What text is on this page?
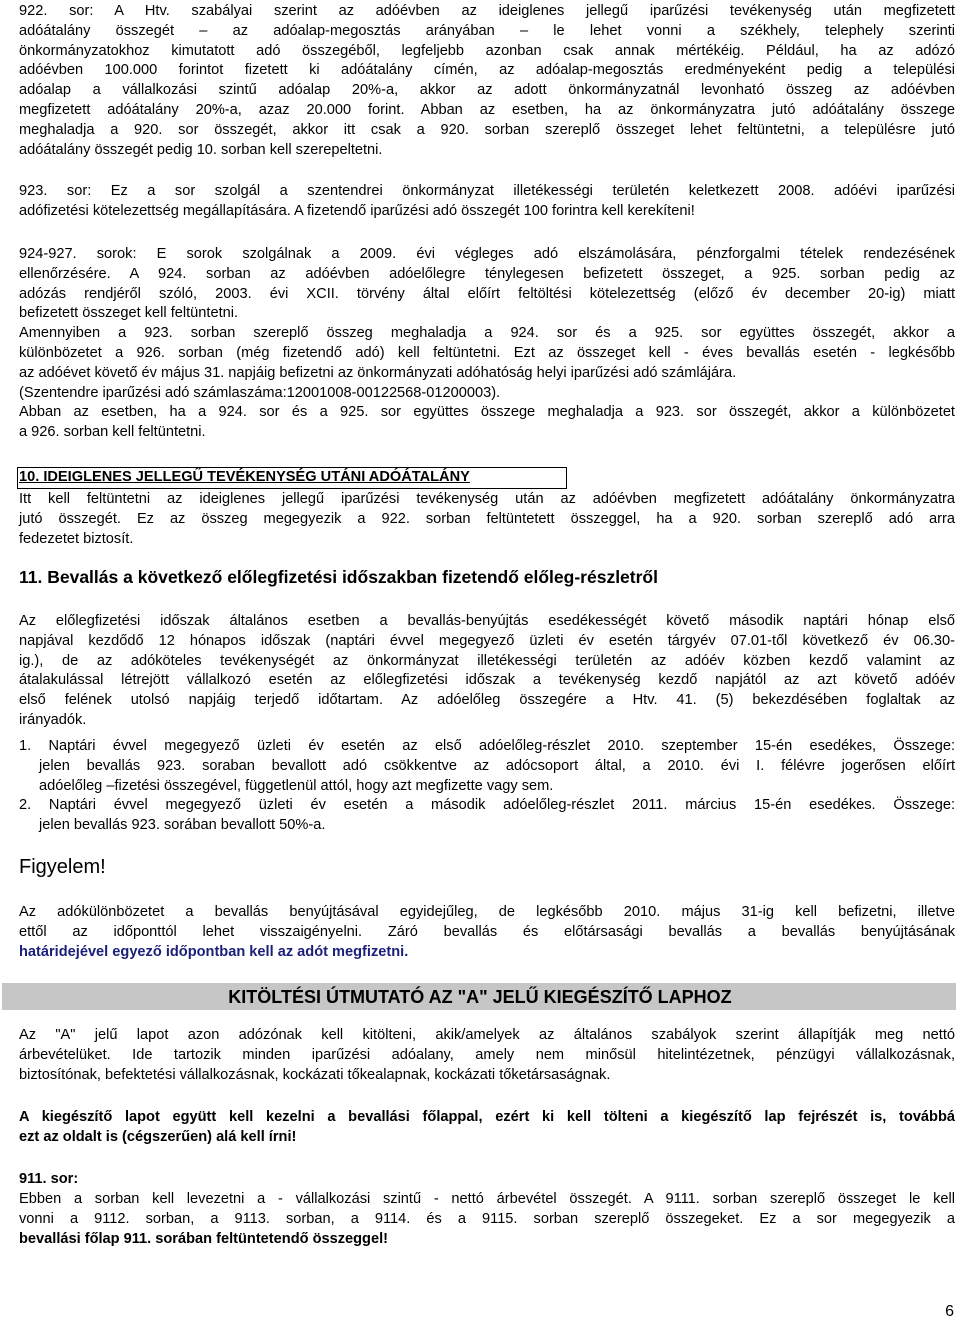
922. sor: A Htv. szabályai szerint az adóévben az ideiglenes jellegű iparűzési tevékenység után megfizetett
adóátalány összegét – az adóalap-megosztás arányában – le lehet vonni a székhely, telephely szerinti
önkormányzatokhoz kimutatott adó összegéből, legfeljebb azonban csak annak mértékéig. Például, ha az adózó
adóévben 100.000 forintot fizetett ki adóátalány címén, az adóalap-megosztás eredményeként pedig a települési
adóalap a vállalkozási szintű adóalap 20%-a, akkor az adott önkormányzatnál levonható összeg az adóévben
megfizetett adóátalány 20%-a, azaz 20.000 forint. Abban az esetben, ha az önkormányzatra jutó adóátalány összege
meghaladja a 920. sor összegét, akkor itt csak a 920. sorban szereplő összeget lehet feltüntetni, a településre jutó
adóátalány összegét pedig 10. sorban kell szerepeltetni.
923. sor: Ez a sor szolgál a szentendrei önkormányzat illetékességi területén keletkezett 2008. adóévi iparűzési
adófizetési kötelezettség megállapítására. A fizetendő iparűzési adó összegét 100 forintra kell kerekíteni!
924-927. sorok: E sorok szolgálnak a 2009. évi végleges adó elszámolására, pénzforgalmi tételek rendezésének
ellenőrzésére. A 924. sorban az adóévben adóelőlegre ténylegesen befizetett összeget, a 925. sorban pedig az
adózás rendjéről szóló, 2003. évi XCII. törvény által előírt feltöltési kötelezettség (előző év december 20-ig) miatt
befizetett összeget kell feltüntetni.
Amennyiben a 923. sorban szereplő összeg meghaladja a 924. sor és a 925. sor együttes összegét, akkor a
különbözetet a 926. sorban (még fizetendő adó) kell feltüntetni. Ezt az összeget kell - éves bevallás esetén - legkésőbb
az adóévet követő év május 31. napjáig befizetni az önkormányzati adóhatóság helyi iparűzési adó számlájára.
(Szentendre iparűzési adó számlaszáma:12001008-00122568-01200003).
Abban az esetben, ha a 924. sor és a 925. sor együttes összege meghaladja a 923. sor összegét, akkor a különbözetet
a 926. sorban kell feltüntetni.
10. IDEIGLENES JELLEGŰ TEVÉKENYSÉG UTÁNI ADÓÁTALÁNY
Itt kell feltüntetni az ideiglenes jellegű iparűzési tevékenység után az adóévben megfizetett adóátalány önkormányzatra
jutó összegét. Ez az összeg megegyezik a 922. sorban feltüntetett összeggel, ha a 920. sorban szereplő adó arra
fedezetet biztosít.
11. Bevallás a következő előlegfizetési időszakban fizetendő előleg-részletről
Az előlegfizetési időszak általános esetben a bevallás-benyújtás esedékességét követő második naptári hónap első
napjával kezdődő 12 hónapos időszak (naptári évvel megegyező üzleti év esetén tárgyév 07.01-től következő év 06.30-
ig.), de az adóköteles tevékenységét az önkormányzat illetékességi területén az adóév közben kezdő valamint az
átalakulással létrejött vállalkozó esetén az előlegfizetési időszak a tevékenység kezdő napjától az azt követő adóév
első felének utolsó napjáig terjedő időtartam. Az adóelőleg összegére a Htv. 41. (5) bekezdésében foglaltak az
irányadók.
1. Naptári évvel megegyező üzleti év esetén az első adóelőleg-részlet 2010. szeptember 15-én esedékes, Összege:
jelen bevallás 923. soraban bevallott adó csökkentve az adócsoport által, a 2010. évi I. félévre jogerősen előírt
adóelőleg –fizetési összegével, függetlenül attól, hogy azt megfizette vagy sem.
2. Naptári évvel megegyező üzleti év esetén a második adóelőleg-részlet 2011. március 15-én esedékes. Összege:
jelen bevallás 923. sorában bevallott 50%-a.
Figyelem!
Az adókülönbözetet a bevallás benyújtásával egyidejűleg, de legkésőbb 2010. május 31-ig kell befizetni, illetve
ettől az időponttól lehet visszaigényelni. Záró bevallás és előtársasági bevallás a bevallás benyújtásának
határidejével egyező időpontban kell az adót megfizetni.
KITÖLTÉSI ÚTMUTATÓ AZ "A" JELŰ KIEGÉSZÍTŐ LAPHOZ
Az "A" jelű lapot azon adózónak kell kitölteni, akik/amelyek az általános szabályok szerint állapítják meg nettó
árbevételüket. Ide tartozik minden iparűzési adóalany, amely nem minősül hitelintézetnek, pénzügyi vállalkozásnak,
biztosítónak, befektetési vállalkozásnak, kockázati tőkealapnak, kockázati tőketársaságnak.
A kiegészítő lapot együtt kell kezelni a bevallási főlappal, ezért ki kell tölteni a kiegészítő lap fejrészét is, továbbá
ezt az oldalt is (cégszerűen) alá kell írni!
911. sor:
Ebben a sorban kell levezetni a - vállalkozási szintű - nettó árbevétel összegét. A 9111. sorban szereplő összeget le kell
vonni a 9112. sorban, a 9113. sorban, a 9114. és a 9115. sorban szereplő összegeket. Ez a sor megegyezik a
bevallási főlap 911. sorában feltüntetendő összeggel!
6
